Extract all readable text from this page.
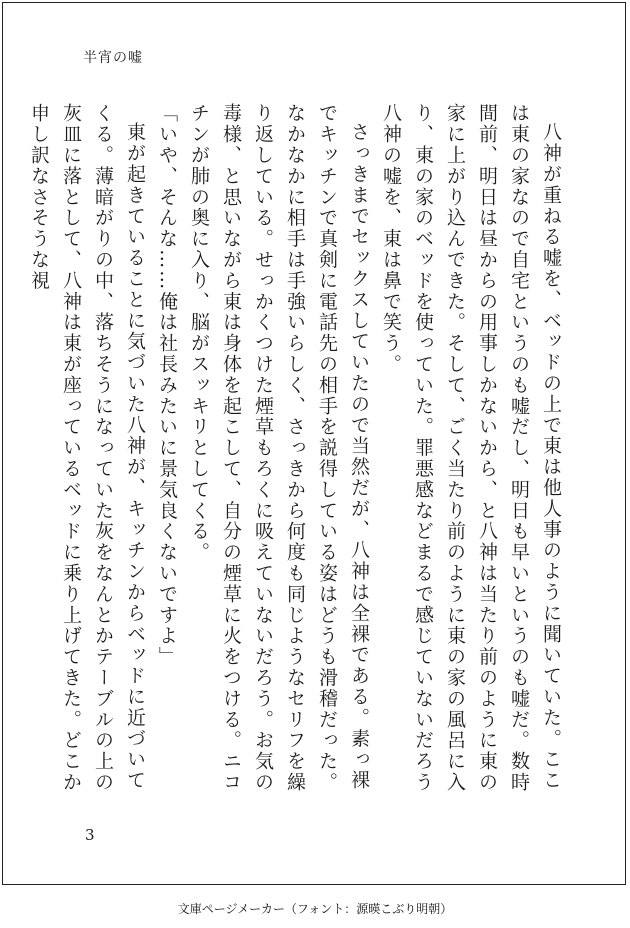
半宵の嘘

八神が重ねる嘘を、ベッドの上で東は他人事のように聞いていた。ここは東の家なので自宅というのも嘘だし、明日も早いというのも嘘だ。数時間前、明日は昼からの用事しかないから、と八神は当たり前のように東の家に上がり込んできた。そして、ごく当たり前のように東の家の風呂に入り、東の家のベッドを使っていた。罪悪感などまるで感じていないだろう八神の嘘を、東は鼻で笑う。

さっきまでセックスしていたので当然だが、八神は全裸である。素っ裸でキッチンで真剣に電話先の相手を説得している姿はどうも滑稽だった。なかなかに相手は手強いらしく、さっきから何度も同じようなセリフを繰り返している。せっかくつけた煙草もろくに吸えていないだろう。お気の毒様、と思いながら東は身体を起こして、自分の煙草に火をつける。ニコチンが肺の奥に入り、脳がスッキリとしてくる。

「いや、そんな……俺は社長みたいに景気良くないですよ」

東が起きていることに気づいた八神が、キッチンからベッドに近づいてくる。薄暗がりの中、落ちそうになっていた灰をなんとかテーブルの上の灰皿に落として、八神は東が座っているベッドに乗り上げてきた。どこか申し訳なさそうな視

3
文庫ページメーカー（フォント：源暎こぶり明朝）
